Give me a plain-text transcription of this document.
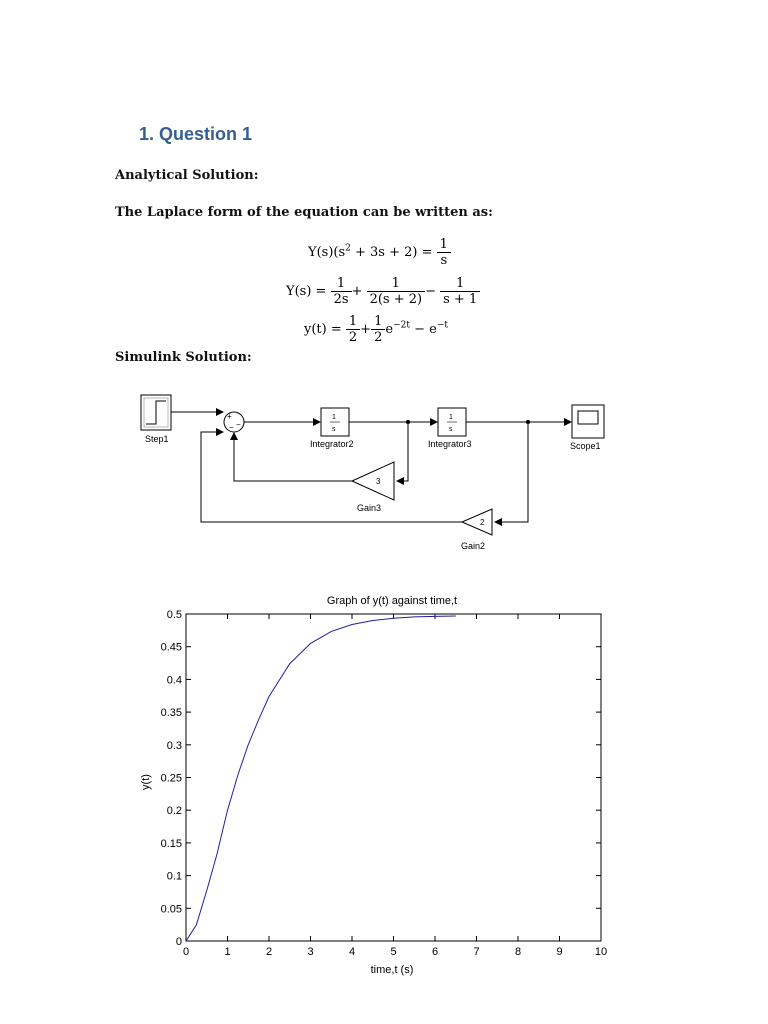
1. Question 1
Analytical Solution:
The Laplace form of the equation can be written as:
$Y(s)(s^2 + 3s + 2) = \frac{1}{s}$
$Y(s) = \frac{1}{2s} + \frac{1}{2(s + 2)} - \frac{1}{s + 1}$
$y(t) = \frac{1}{2} + \frac{1}{2} e^{-2t} - e^{-t}$
Simulink Solution:
Step1
+
−
−
1
s
Integrator2
1
s
Integrator3	Scope1
3
Gain3
2
Gain2
Graph of y(t) against time,t
0	1	2	3	4	5	6	7	8	9	10
0
0.05
0.1
0.15
0.2
0.25
0.3
0.35
0.4
0.45
0.5
time,t (s)
y(t)
